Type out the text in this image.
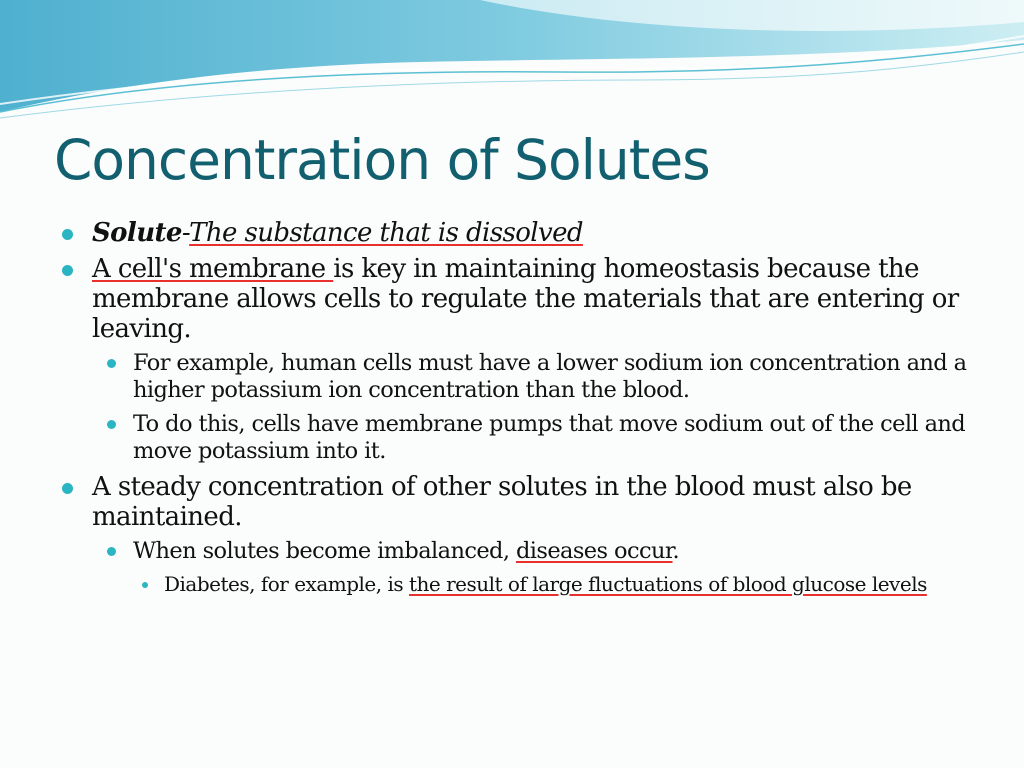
Concentration of Solutes

Solute-The substance that is dissolved

A cell's membrane is key in maintaining homeostasis because the membrane allows cells to regulate the materials that are entering or leaving.

For example, human cells must have a lower sodium ion concentration and a higher potassium ion concentration than the blood.

To do this, cells have membrane pumps that move sodium out of the cell and move potassium into it.

A steady concentration of other solutes in the blood must also be maintained.

When solutes become imbalanced, diseases occur.

Diabetes, for example, is the result of large fluctuations of blood glucose levels
